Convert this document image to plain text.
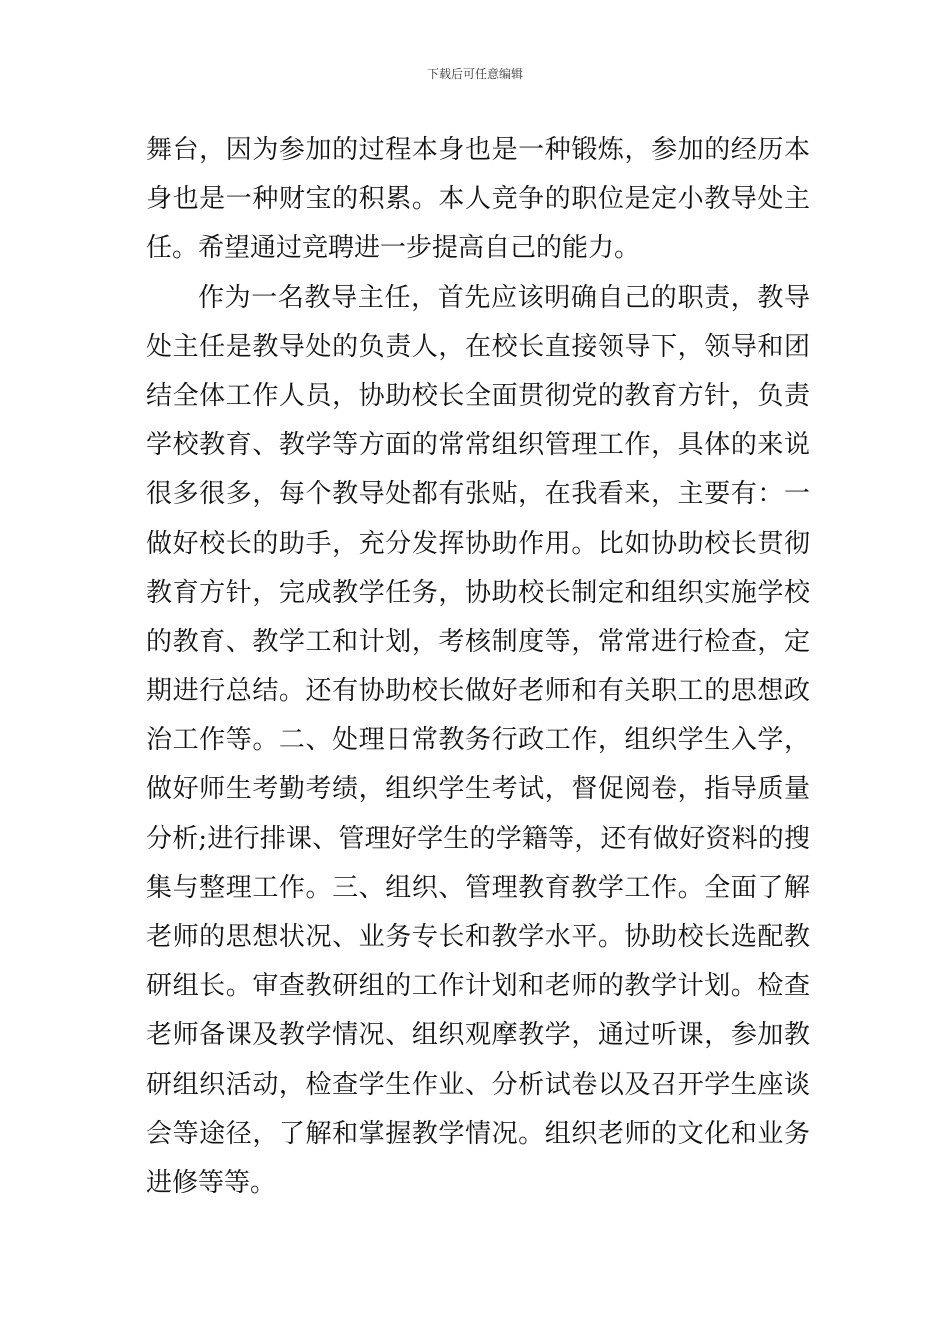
下载后可任意编辑
舞台，因为参加的过程本身也是一种锻炼，参加的经历本
身也是一种财宝的积累。本人竞争的职位是定小教导处主
任。希望通过竞聘进一步提高自己的能力。
作为一名教导主任，首先应该明确自己的职责，教导
处主任是教导处的负责人，在校长直接领导下，领导和团
结全体工作人员，协助校长全面贯彻党的教育方针，负责
学校教育、教学等方面的常常组织管理工作，具体的来说
很多很多，每个教导处都有张贴，在我看来，主要有：一
做好校长的助手，充分发挥协助作用。比如协助校长贯彻
教育方针，完成教学任务，协助校长制定和组织实施学校
的教育、教学工和计划，考核制度等，常常进行检查，定
期进行总结。还有协助校长做好老师和有关职工的思想政
治工作等。二、处理日常教务行政工作，组织学生入学，
做好师生考勤考绩，组织学生考试，督促阅卷，指导质量
分析;进行排课、管理好学生的学籍等，还有做好资料的搜
集与整理工作。三、组织、管理教育教学工作。全面了解
老师的思想状况、业务专长和教学水平。协助校长选配教
研组长。审查教研组的工作计划和老师的教学计划。检查
老师备课及教学情况、组织观摩教学，通过听课，参加教
研组织活动，检查学生作业、分析试卷以及召开学生座谈
会等途径，了解和掌握教学情况。组织老师的文化和业务
进修等等。
